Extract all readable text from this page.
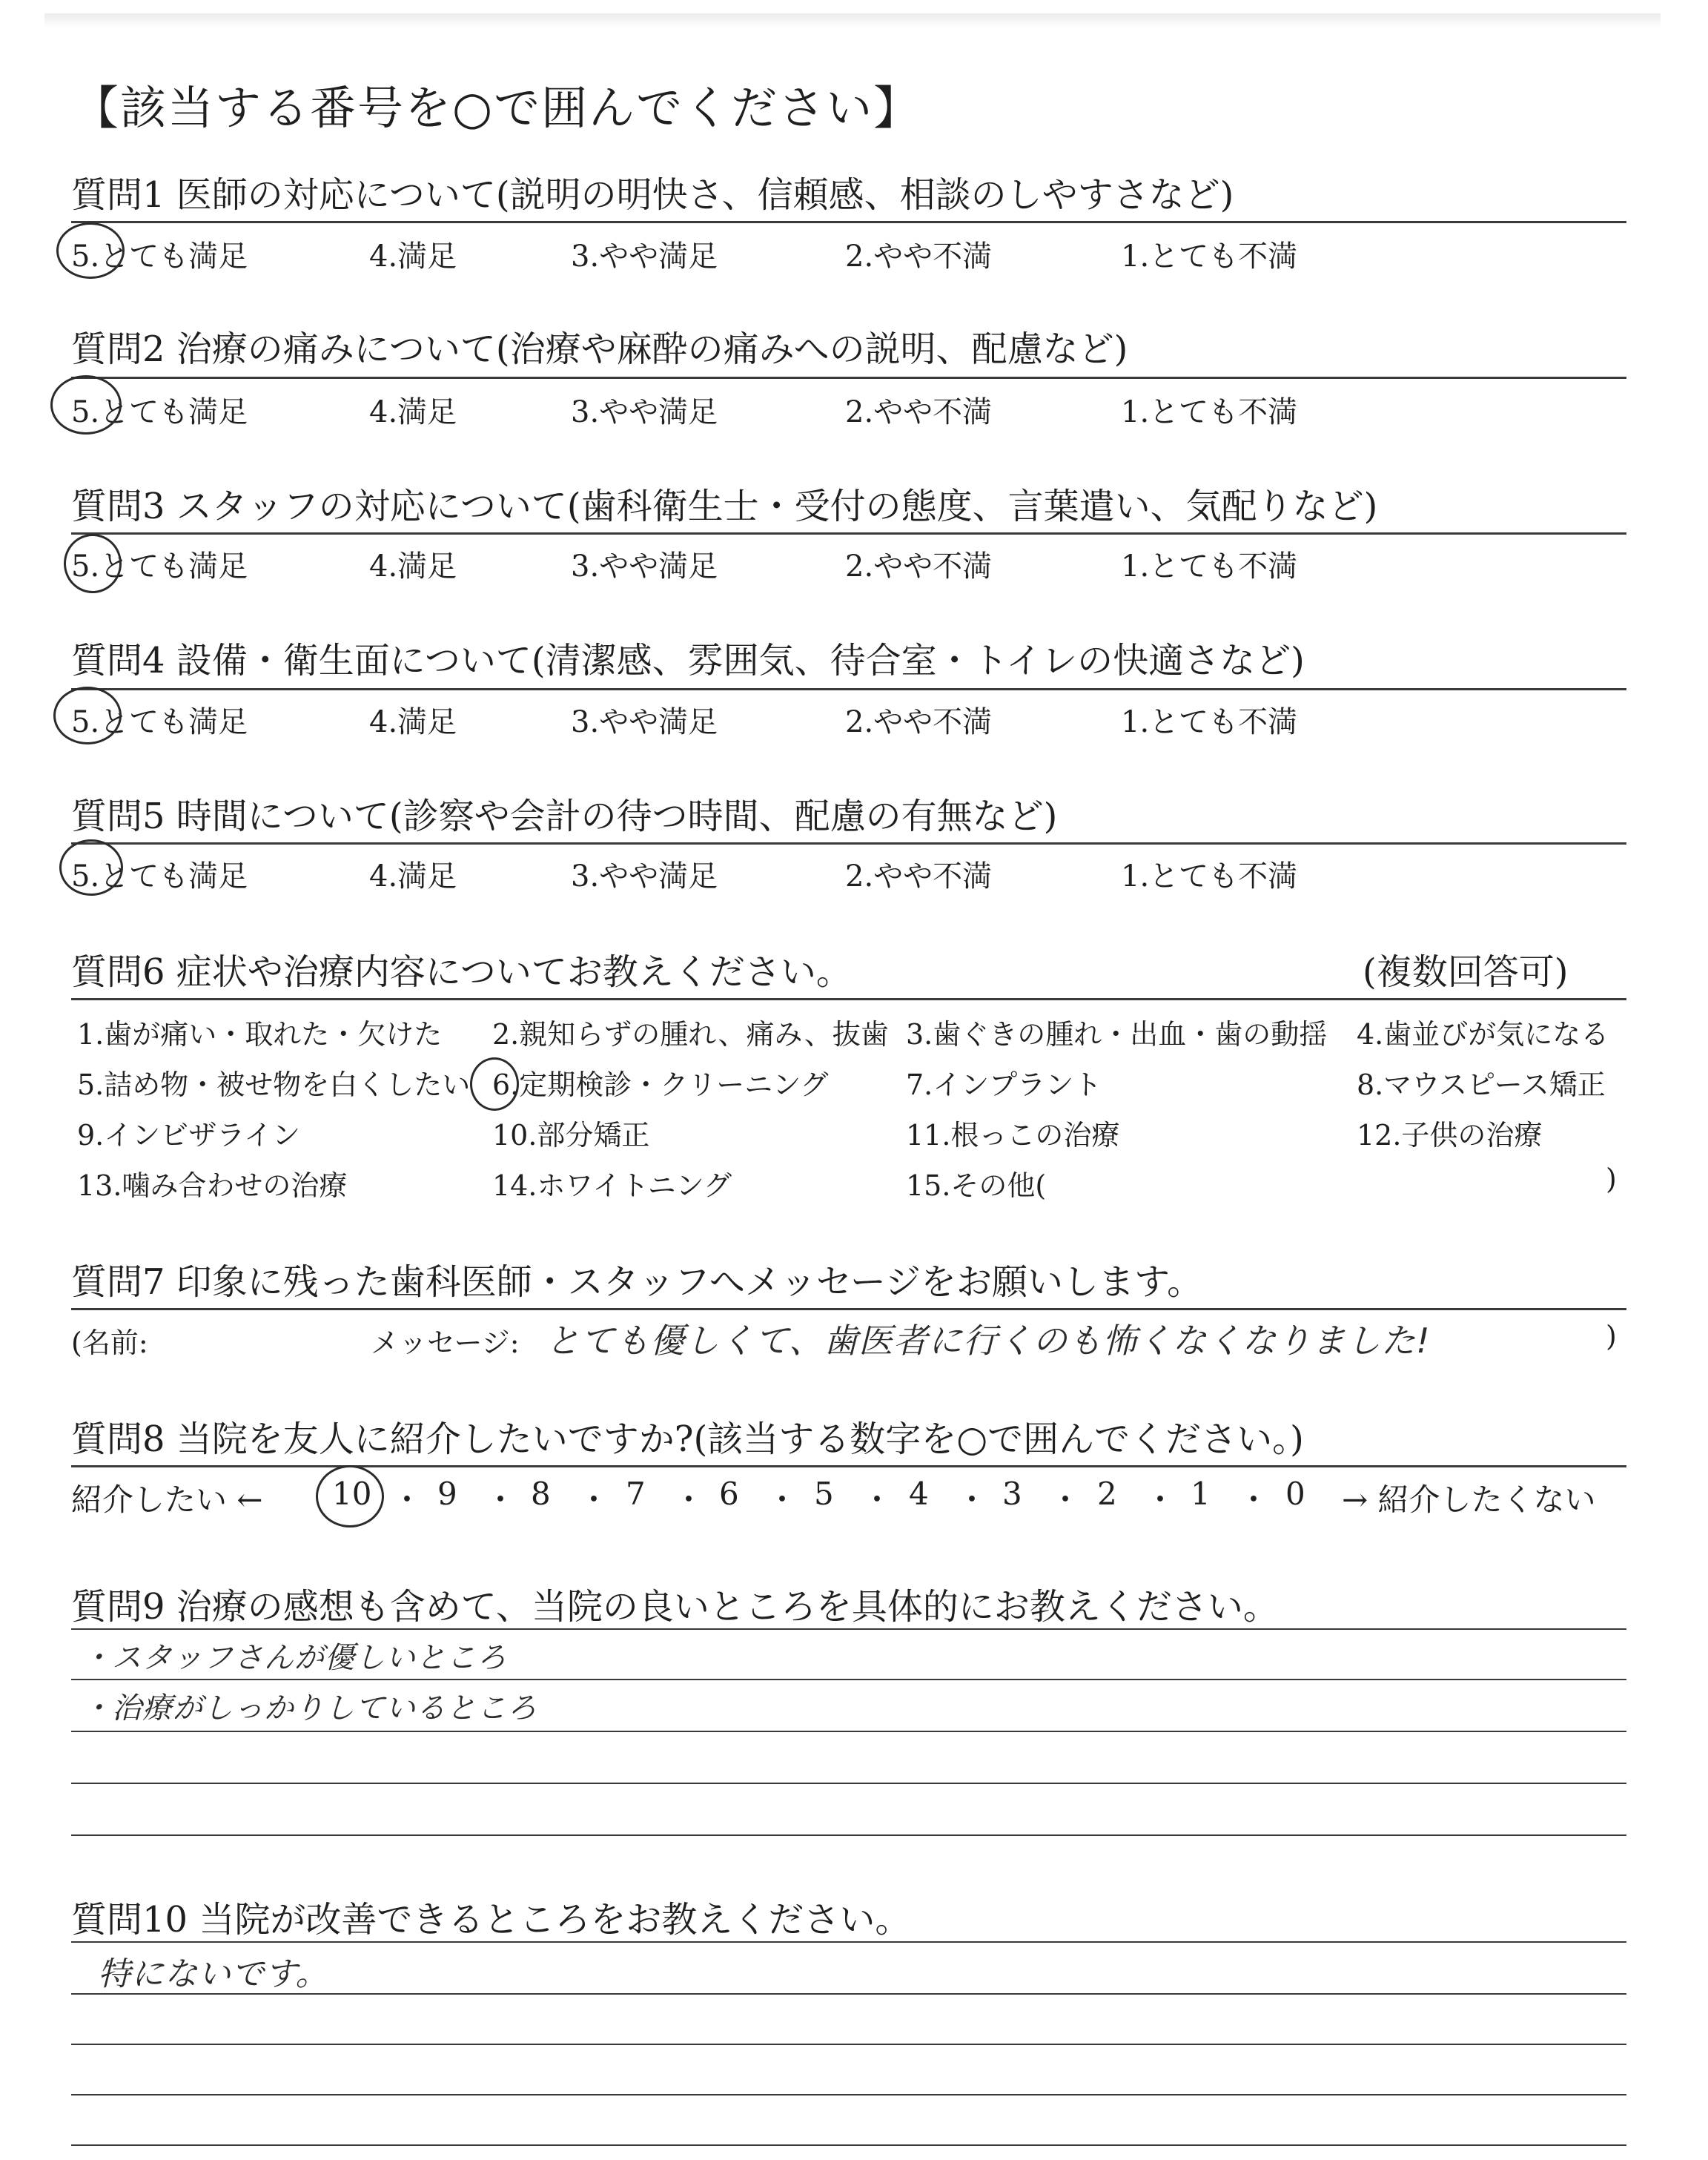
【該当する番号を○で囲んでください】
質問1 医師の対応について(説明の明快さ、信頼感、相談のしやすさなど)
5.とても満足	4.満足	3.やや満足	2.やや不満	1.とても不満
質問2 治療の痛みについて(治療や麻酔の痛みへの説明、配慮など)
5.とても満足	4.満足	3.やや満足	2.やや不満	1.とても不満
質問3 スタッフの対応について(歯科衛生士・受付の態度、言葉遣い、気配りなど)
5.とても満足	4.満足	3.やや満足	2.やや不満	1.とても不満
質問4 設備・衛生面について(清潔感、雰囲気、待合室・トイレの快適さなど)
5.とても満足	4.満足	3.やや満足	2.やや不満	1.とても不満
質問5 時間について(診察や会計の待つ時間、配慮の有無など)
5.とても満足	4.満足	3.やや満足	2.やや不満	1.とても不満
質問6 症状や治療内容についてお教えください。	(複数回答可)
1.歯が痛い・取れた・欠けた 2.親知らずの腫れ、痛み、抜歯 3.歯ぐきの腫れ・出血・歯の動揺 4.歯並びが気になる
5.詰め物・被せ物を白くしたい 6.定期検診・クリーニング	7.インプラント	8.マウスピース矯正
9.インビザライン	10.部分矯正	11.根っこの治療	12.子供の治療
13.噛み合わせの治療	14.ホワイトニング	15.その他(	)
質問7 印象に残った歯科医師・スタッフへメッセージをお願いします。
(名前:	メッセージ: とても優しくて、歯医者に行くのも怖くなくなりました!	)
質問8 当院を友人に紹介したいですか?(該当する数字を○で囲んでください。)
紹介したい ← 10 ・ 9 ・ 8 ・ 7 ・ 6 ・ 5 ・ 4 ・ 3 ・ 2 ・ 1 ・ 0 → 紹介したくない
質問9 治療の感想も含めて、当院の良いところを具体的にお教えください。
・スタッフさんが優しいところ
・治療がしっかりしているところ
質問10 当院が改善できるところをお教えください。
特にないです。
